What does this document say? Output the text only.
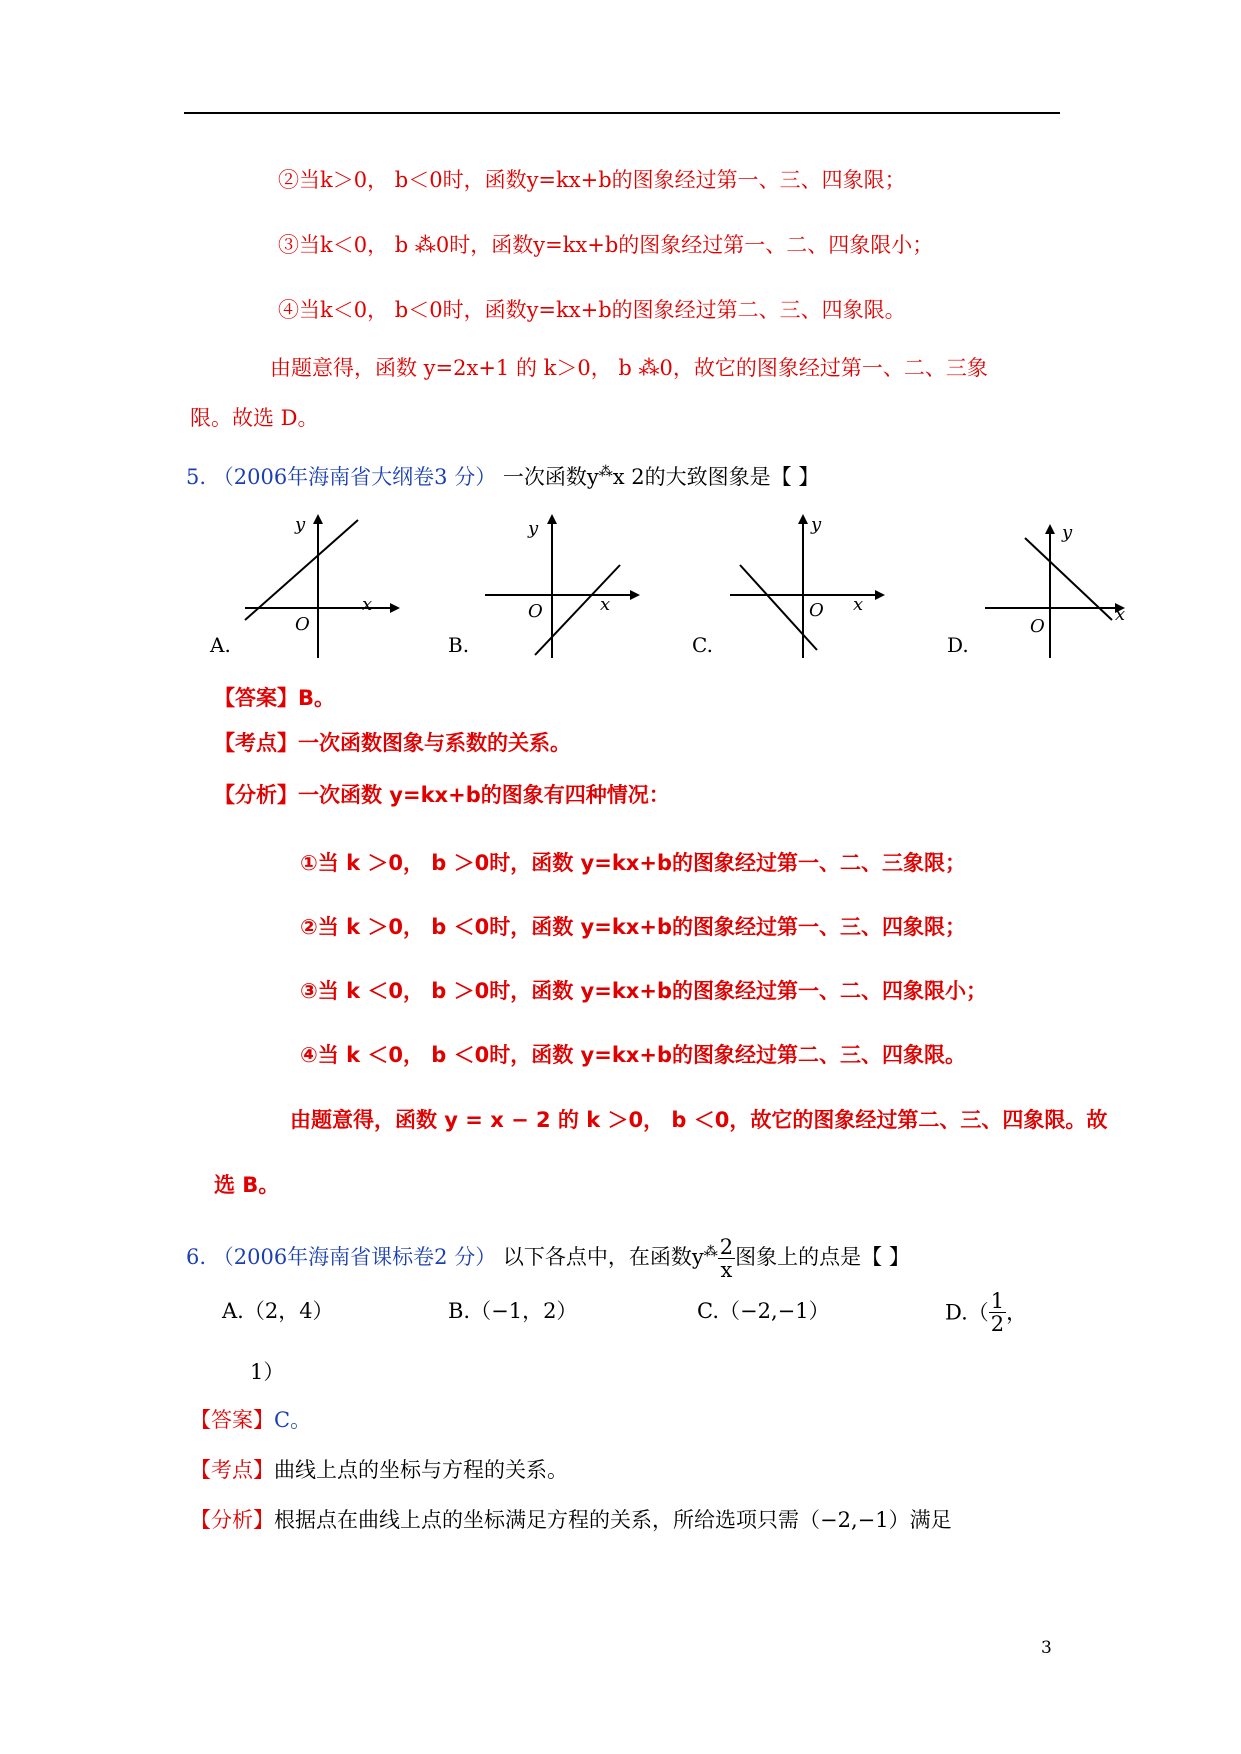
②当k＞0， b＜0时，函数y=kx+b的图象经过第一、三、四象限；
③当k＜0， b ⁂0时，函数y=kx+b的图象经过第一、二、四象限小；
④当k＜0， b＜0时，函数y=kx+b的图象经过第二、三、四象限。
由题意得，函数 y=2x+1 的 k＞0， b ⁂0，故它的图象经过第一、二、三象
限。故选 D。
5. （2006年海南省大纲卷3 分） 一次函数y⁂x 2的大致图象是【 】
y
x
O
y
x
O
y
x
O
y
x
O
A.	B.	C.	D.
【答案】B。
【考点】一次函数图象与系数的关系。
【分析】一次函数 y=kx+b的图象有四种情况：
①当 k ＞0， b ＞0时，函数 y=kx+b的图象经过第一、二、三象限；
②当 k ＞0， b ＜0时，函数 y=kx+b的图象经过第一、三、四象限；
③当 k ＜0， b ＞0时，函数 y=kx+b的图象经过第一、二、四象限小；
④当 k ＜0， b ＜0时，函数 y=kx+b的图象经过第二、三、四象限。
由题意得，函数 y = x − 2 的 k ＞0， b ＜0，故它的图象经过第二、三、四象限。故
选 B。
6. （2006年海南省课标卷2 分） 以下各点中，在函数$y^⁂ \frac{2}{x}$ 图象上的点是【 】
A.（2，4）	B.（−1，2）	C.（−2,−1）	$D.( \frac{1}{2}$ ，
1）
【答案】C。
【考点】曲线上点的坐标与方程的关系。
【分析】根据点在曲线上点的坐标满足方程的关系，所给选项只需（−2,−1）满足
3
